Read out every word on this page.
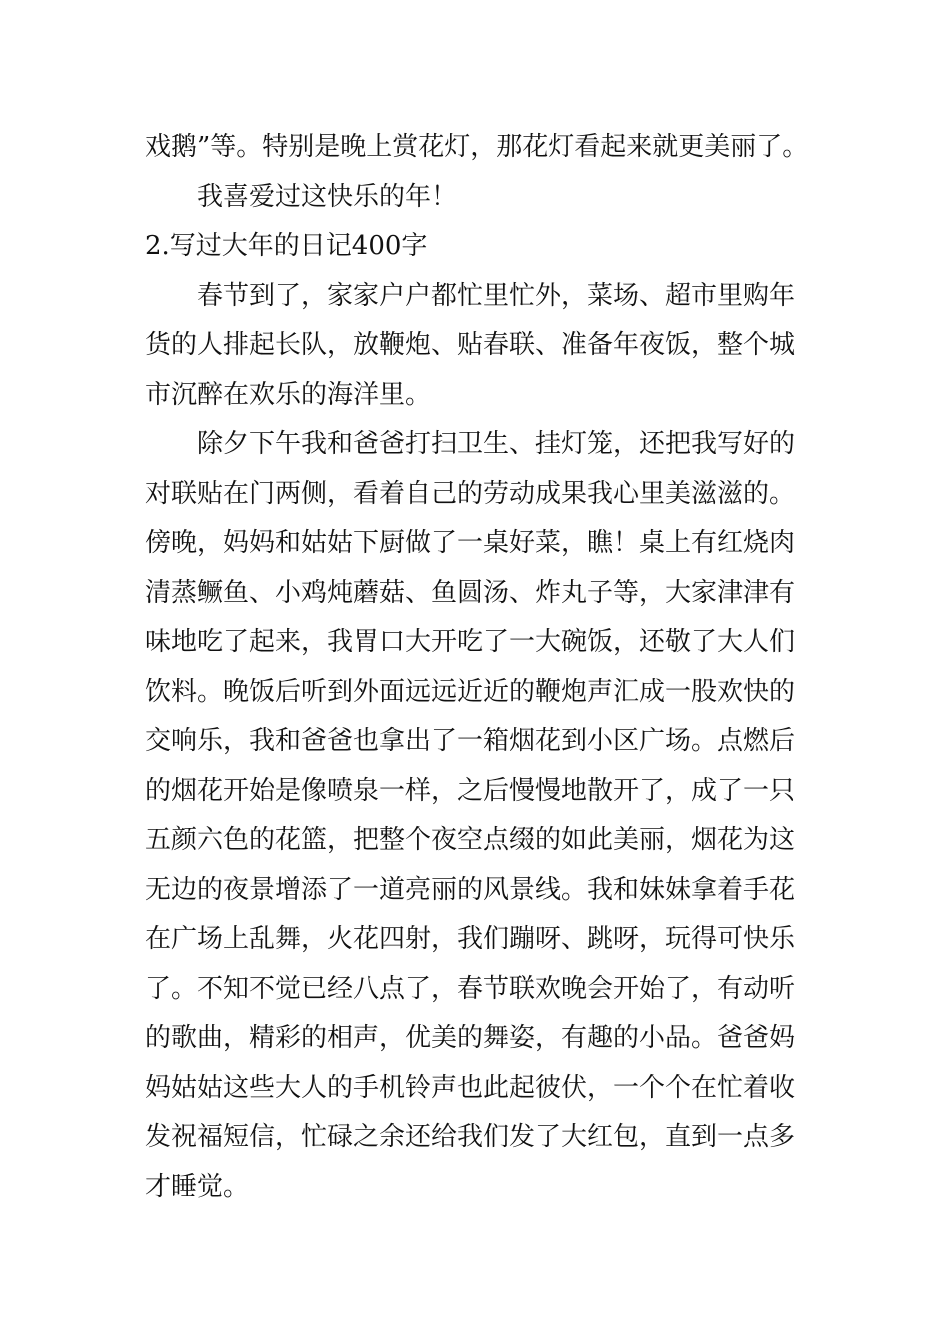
戏鹅”等。特别是晚上赏花灯，那花灯看起来就更美丽了。
我喜爱过这快乐的年！
2.写过大年的日记400字
春节到了，家家户户都忙里忙外，菜场、超市里购年
货的人排起长队，放鞭炮、贴春联、准备年夜饭，整个城
市沉醉在欢乐的海洋里。
除夕下午我和爸爸打扫卫生、挂灯笼，还把我写好的
对联贴在门两侧，看着自己的劳动成果我心里美滋滋的。
傍晚，妈妈和姑姑下厨做了一桌好菜，瞧！桌上有红烧肉
清蒸鳜鱼、小鸡炖蘑菇、鱼圆汤、炸丸子等，大家津津有
味地吃了起来，我胃口大开吃了一大碗饭，还敬了大人们
饮料。晚饭后听到外面远远近近的鞭炮声汇成一股欢快的
交响乐，我和爸爸也拿出了一箱烟花到小区广场。点燃后
的烟花开始是像喷泉一样，之后慢慢地散开了，成了一只
五颜六色的花篮，把整个夜空点缀的如此美丽，烟花为这
无边的夜景增添了一道亮丽的风景线。我和妹妹拿着手花
在广场上乱舞，火花四射，我们蹦呀、跳呀，玩得可快乐
了。不知不觉已经八点了，春节联欢晚会开始了，有动听
的歌曲，精彩的相声，优美的舞姿，有趣的小品。爸爸妈
妈姑姑这些大人的手机铃声也此起彼伏，一个个在忙着收
发祝福短信，忙碌之余还给我们发了大红包，直到一点多
才睡觉。
